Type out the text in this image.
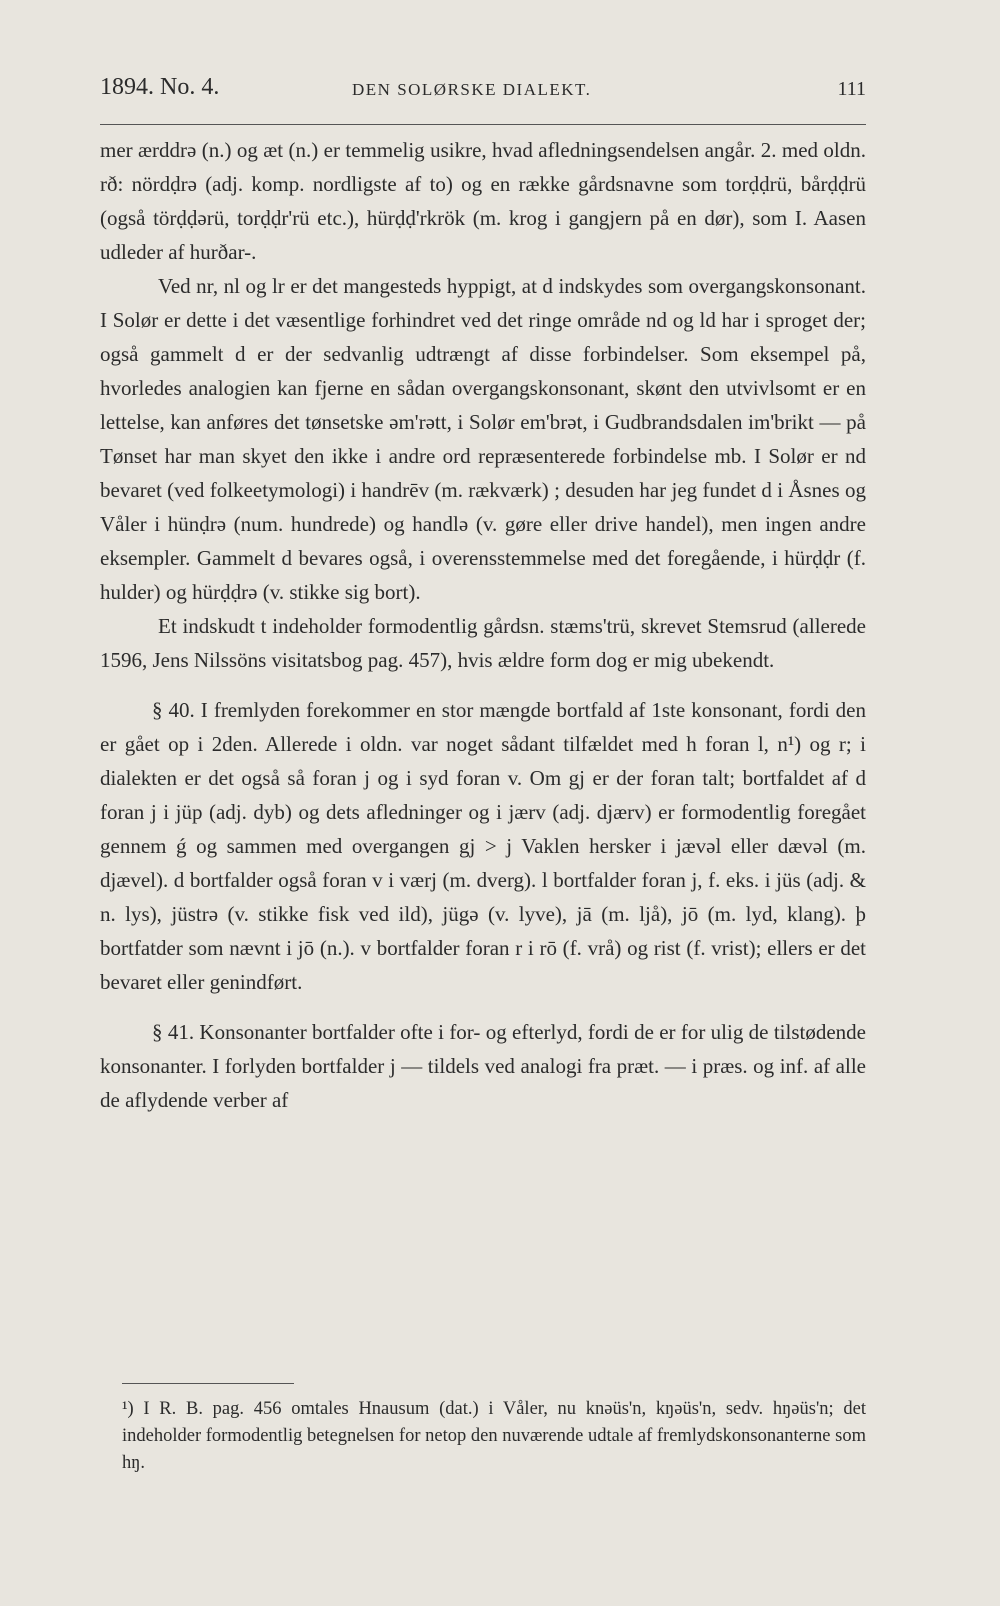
1894. No. 4.	DEN SOLØRSKE DIALEKT.	111

mer ærddrə (n.) og æt (n.) er temmelig usikre, hvad afledningsendelsen angår. 2. med oldn. rð: nördḍrə (adj. komp. nordligste af to) og en række gårdsnavne som torḍḍrü, bårḍḍrü (også törḍḍərü, torḍḍr'rü etc.), hürḍḍ'rkrök (m. krog i gangjern på en dør), som I. Aasen udleder af hurðar-.

Ved nr, nl og lr er det mangesteds hyppigt, at d indskydes som overgangskonsonant. I Solør er dette i det væsentlige forhindret ved det ringe område nd og ld har i sproget der; også gammelt d er der sedvanlig udtrængt af disse forbindelser. Som eksempel på, hvorledes analogien kan fjerne en sådan overgangskonsonant, skønt den utvivlsomt er en lettelse, kan anføres det tønsetske əm'rətt, i Solør em'brət, i Gudbrandsdalen im'brikt — på Tønset har man skyet den ikke i andre ord repræsenterede forbindelse mb. I Solør er nd bevaret (ved folkeetymologi) i handrēv (m. rækværk) ; desuden har jeg fundet d i Åsnes og Våler i hünḍrə (num. hundrede) og handlə (v. gøre eller drive handel), men ingen andre eksempler. Gammelt d bevares også, i overensstemmelse med det foregående, i hürḍḍr (f. hulder) og hürḍḍrə (v. stikke sig bort).

Et indskudt t indeholder formodentlig gårdsn. stæms'trü, skrevet Stemsrud (allerede 1596, Jens Nilssöns visitatsbog pag. 457), hvis ældre form dog er mig ubekendt.

§ 40. I fremlyden forekommer en stor mængde bortfald af 1ste konsonant, fordi den er gået op i 2den. Allerede i oldn. var noget sådant tilfældet med h foran l, n¹) og r; i dialekten er det også så foran j og i syd foran v. Om gj er der foran talt; bortfaldet af d foran j i jüp (adj. dyb) og dets afledninger og i jærv (adj. djærv) er formodentlig foregået gennem ǵ og sammen med overgangen gj > j Vaklen hersker i jævəl eller dævəl (m. djævel). d bortfalder også foran v i værj (m. dverg). l bortfalder foran j, f. eks. i jüs (adj. & n. lys), jüstrə (v. stikke fisk ved ild), jügə (v. lyve), jā (m. ljå), jō (m. lyd, klang). þ bortfatder som nævnt i jō (n.). v bortfalder foran r i rō (f. vrå) og rist (f. vrist); ellers er det bevaret eller genindført.

§ 41. Konsonanter bortfalder ofte i for- og efterlyd, fordi de er for ulig de tilstødende konsonanter. I forlyden bortfalder j — tildels ved analogi fra præt. — i præs. og inf. af alle de aflydende verber af

¹) I R. B. pag. 456 omtales Hnausum (dat.) i Våler, nu knəüs'n, kŋəüs'n, sedv. hŋəüs'n; det indeholder formodentlig betegnelsen for netop den nuværende udtale af fremlydskonsonanterne som hŋ.
